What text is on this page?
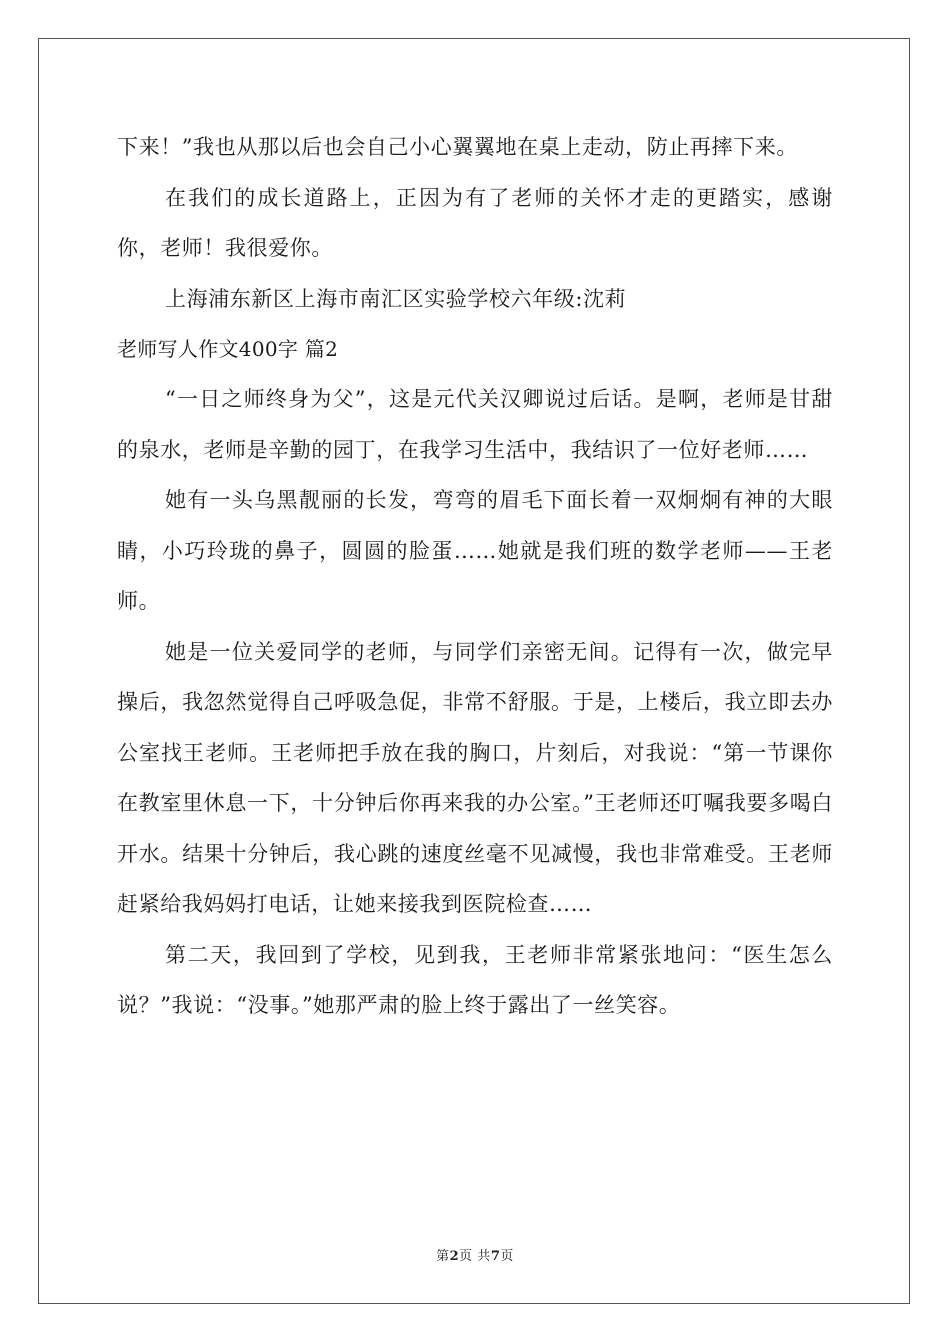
下来！”我也从那以后也会自己小心翼翼地在桌上走动，防止再摔下来。

在我们的成长道路上，正因为有了老师的关怀才走的更踏实，感谢你，老师！我很爱你。

上海浦东新区上海市南汇区实验学校六年级:沈莉

老师写人作文400字 篇2

“一日之师终身为父”，这是元代关汉卿说过后话。是啊，老师是甘甜的泉水，老师是辛勤的园丁，在我学习生活中，我结识了一位好老师……

她有一头乌黑靓丽的长发，弯弯的眉毛下面长着一双炯炯有神的大眼睛，小巧玲珑的鼻子，圆圆的脸蛋……她就是我们班的数学老师——王老师。

她是一位关爱同学的老师，与同学们亲密无间。记得有一次，做完早操后，我忽然觉得自己呼吸急促，非常不舒服。于是，上楼后，我立即去办公室找王老师。王老师把手放在我的胸口，片刻后，对我说：“第一节课你在教室里休息一下，十分钟后你再来我的办公室。”王老师还叮嘱我要多喝白开水。结果十分钟后，我心跳的速度丝毫不见减慢，我也非常难受。王老师赶紧给我妈妈打电话，让她来接我到医院检查……

第二天，我回到了学校，见到我，王老师非常紧张地问：“医生怎么说？”我说：“没事。”她那严肃的脸上终于露出了一丝笑容。

第2页 共7页
